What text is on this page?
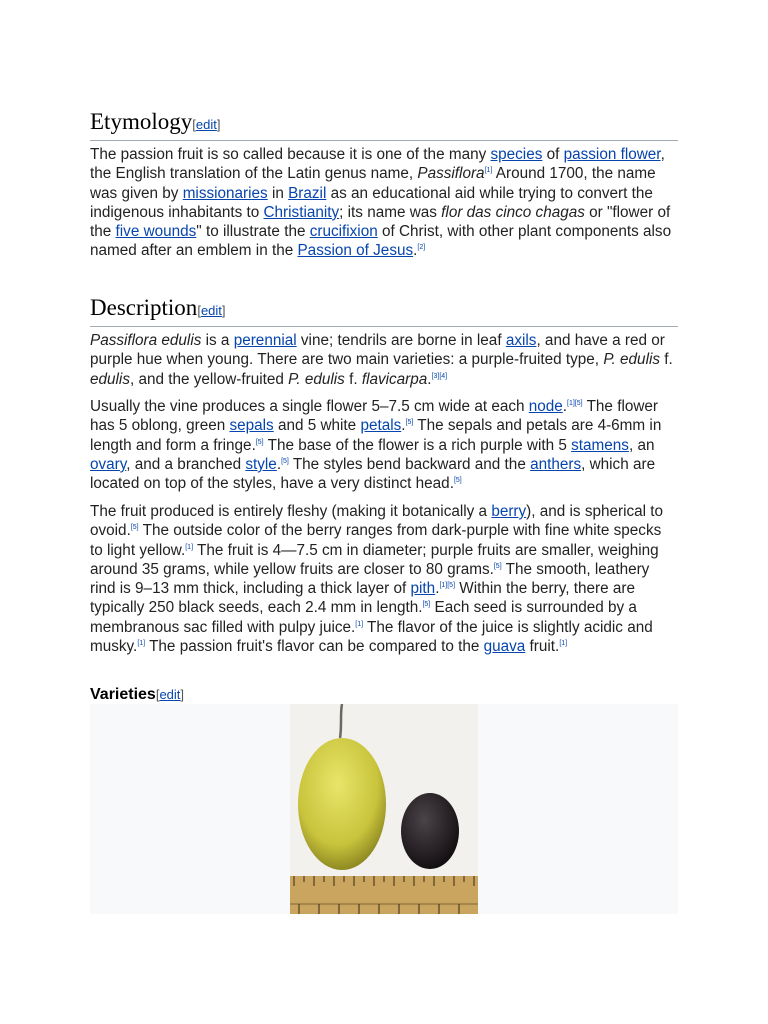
Etymology[edit]

The passion fruit is so called because it is one of the many species of passion flower, the English translation of the Latin genus name, Passiflora[1] Around 1700, the name was given by missionaries in Brazil as an educational aid while trying to convert the indigenous inhabitants to Christianity; its name was flor das cinco chagas or "flower of the five wounds" to illustrate the crucifixion of Christ, with other plant components also named after an emblem in the Passion of Jesus.[2]

Description[edit]

Passiflora edulis is a perennial vine; tendrils are borne in leaf axils, and have a red or purple hue when young. There are two main varieties: a purple-fruited type, P. edulis f. edulis, and the yellow-fruited P. edulis f. flavicarpa.[3][4]

Usually the vine produces a single flower 5–7.5 cm wide at each node.[1][5] The flower has 5 oblong, green sepals and 5 white petals.[5] The sepals and petals are 4-6mm in length and form a fringe.[5] The base of the flower is a rich purple with 5 stamens, an ovary, and a branched style.[5] The styles bend backward and the anthers, which are located on top of the styles, have a very distinct head.[5]

The fruit produced is entirely fleshy (making it botanically a berry), and is spherical to ovoid.[5] The outside color of the berry ranges from dark-purple with fine white specks to light yellow.[1] The fruit is 4—7.5 cm in diameter; purple fruits are smaller, weighing around 35 grams, while yellow fruits are closer to 80 grams.[5] The smooth, leathery rind is 9–13 mm thick, including a thick layer of pith.[1][5] Within the berry, there are typically 250 black seeds, each 2.4 mm in length.[5] Each seed is surrounded by a membranous sac filled with pulpy juice.[1] The flavor of the juice is slightly acidic and musky.[1] The passion fruit's flavor can be compared to the guava fruit.[1]

Varieties[edit]
